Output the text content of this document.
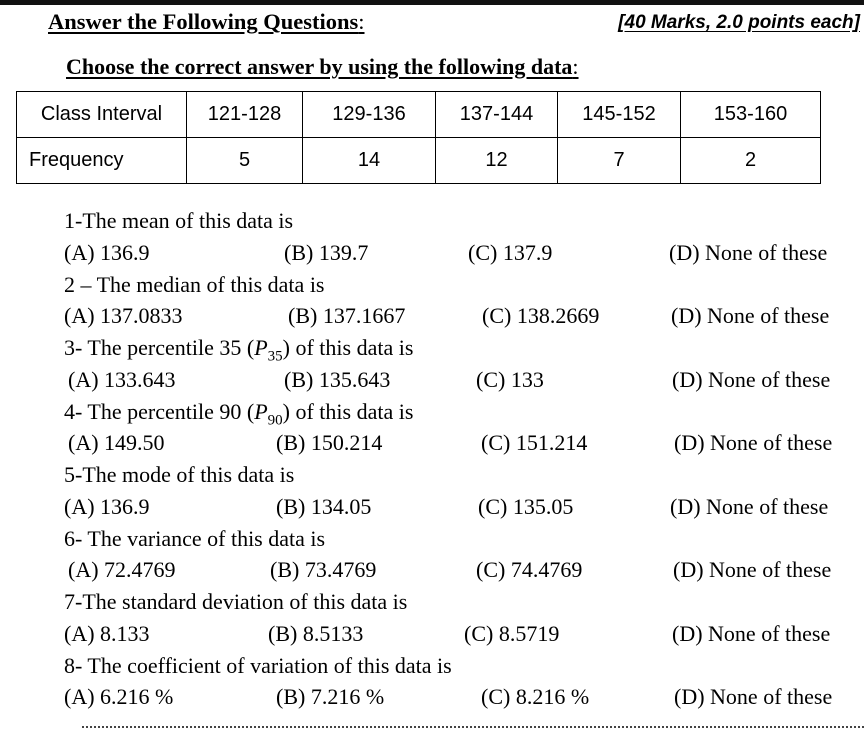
Answer the Following Questions:	[40 Marks, 2.0 points each]
Choose the correct answer by using the following data:
Class Interval	121-128	129-136	137-144	145-152	153-160
Frequency	5	14	12	7	2
1-The mean of this data is
(A) 136.9	(B) 139.7	(C) 137.9	(D) None of these
2 – The median of this data is
(A) 137.0833	(B) 137.1667	(C) 138.2669	(D) None of these
3- The percentile 35 $(P_{35})$ of this data is
(A) 133.643	(B) 135.643	(C) 133	(D) None of these
4- The percentile 90 $(P_{90})$ of this data is
(A) 149.50	(B) 150.214	(C) 151.214	(D) None of these
5-The mode of this data is
(A) 136.9	(B) 134.05	(C) 135.05	(D) None of these
6- The variance of this data is
(A) 72.4769	(B) 73.4769	(C) 74.4769	(D) None of these
7-The standard deviation of this data is
(A) 8.133	(B) 8.5133	(C) 8.5719	(D) None of these
8- The coefficient of variation of this data is
(A) 6.216 %	(B) 7.216 %	(C) 8.216 %	(D) None of these
